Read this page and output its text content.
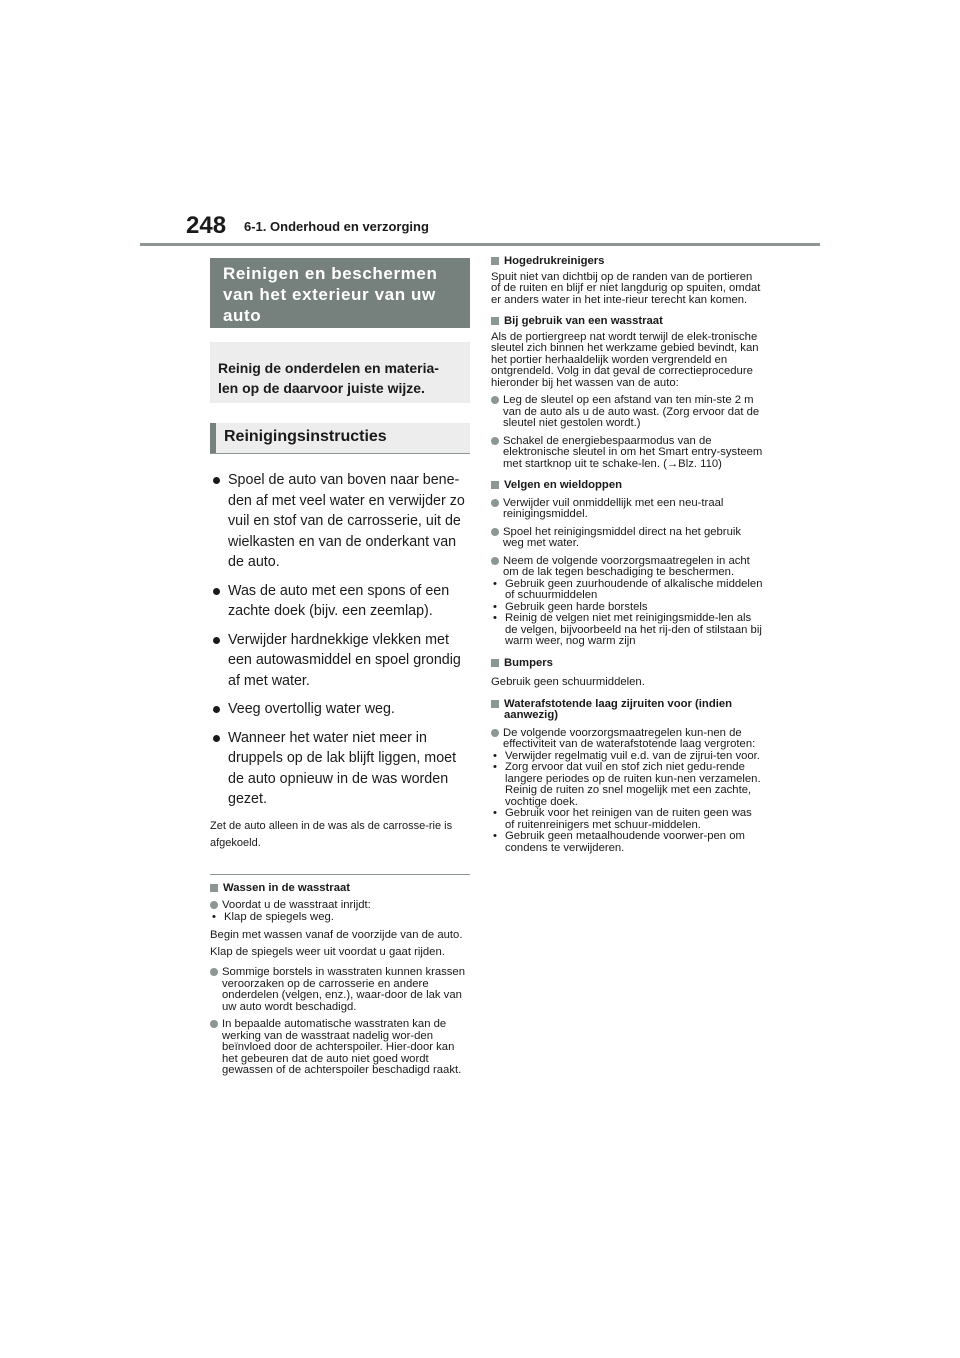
248 6-1. Onderhoud en verzorging
Reinigen en beschermen van het exterieur van uw auto
Reinig de onderdelen en materia-len op de daarvoor juiste wijze.
Reinigingsinstructies
Spoel de auto van boven naar bene-den af met veel water en verwijder zo vuil en stof van de carrosserie, uit de wielkasten en van de onderkant van de auto.
Was de auto met een spons of een zachte doek (bijv. een zeemlap).
Verwijder hardnekkige vlekken met een autowasmiddel en spoel grondig af met water.
Veeg overtollig water weg.
Wanneer het water niet meer in druppels op de lak blijft liggen, moet de auto opnieuw in de was worden gezet.
Zet de auto alleen in de was als de carrosse-rie is afgekoeld.
Wassen in de wasstraat
Voordat u de wasstraat inrijdt:
• Klap de spiegels weg.
Begin met wassen vanaf de voorzijde van de auto. Klap de spiegels weer uit voordat u gaat rijden.
Sommige borstels in wasstraten kunnen krassen veroorzaken op de carrosserie en andere onderdelen (velgen, enz.), waar-door de lak van uw auto wordt beschadigd.
In bepaalde automatische wasstraten kan de werking van de wasstraat nadelig wor-den beïnvloed door de achterspoiler. Hier-door kan het gebeuren dat de auto niet goed wordt gewassen of de achterspoiler beschadigd raakt.
Hogedrukreinigers
Spuit niet van dichtbij op de randen van de portieren of de ruiten en blijf er niet langdurig op spuiten, omdat er anders water in het inte-rieur terecht kan komen.
Bij gebruik van een wasstraat
Als de portiergreep nat wordt terwijl de elek-tronische sleutel zich binnen het werkzame gebied bevindt, kan het portier herhaaldelijk worden vergrendeld en ontgrendeld. Volg in dat geval de correctieprocedure hieronder bij het wassen van de auto:
Leg de sleutel op een afstand van ten min-ste 2 m van de auto als u de auto wast. (Zorg ervoor dat de sleutel niet gestolen wordt.)
Schakel de energiebespaarmodus van de elektronische sleutel in om het Smart entry-systeem met startknop uit te schake-len. (→Blz. 110)
Velgen en wieldoppen
Verwijder vuil onmiddellijk met een neu-traal reinigingsmiddel.
Spoel het reinigingsmiddel direct na het gebruik weg met water.
Neem de volgende voorzorgsmaatregelen in acht om de lak tegen beschadiging te beschermen.
• Gebruik geen zuurhoudende of alkalische middelen of schuurmiddelen
• Gebruik geen harde borstels
• Reinig de velgen niet met reinigingsmidde-len als de velgen, bijvoorbeeld na het rij-den of stilstaan bij warm weer, nog warm zijn
Bumpers
Gebruik geen schuurmiddelen.
Waterafstotende laag zijruiten voor (indien aanwezig)
De volgende voorzorgsmaatregelen kun-nen de effectiviteit van de waterafstotende laag vergroten:
• Verwijder regelmatig vuil e.d. van de zijrui-ten voor.
• Zorg ervoor dat vuil en stof zich niet gedu-rende langere periodes op de ruiten kun-nen verzamelen. Reinig de ruiten zo snel mogelijk met een zachte, vochtige doek.
• Gebruik voor het reinigen van de ruiten geen was of ruitenreinigers met schuur-middelen.
• Gebruik geen metaalhoudende voorwer-pen om condens te verwijderen.
